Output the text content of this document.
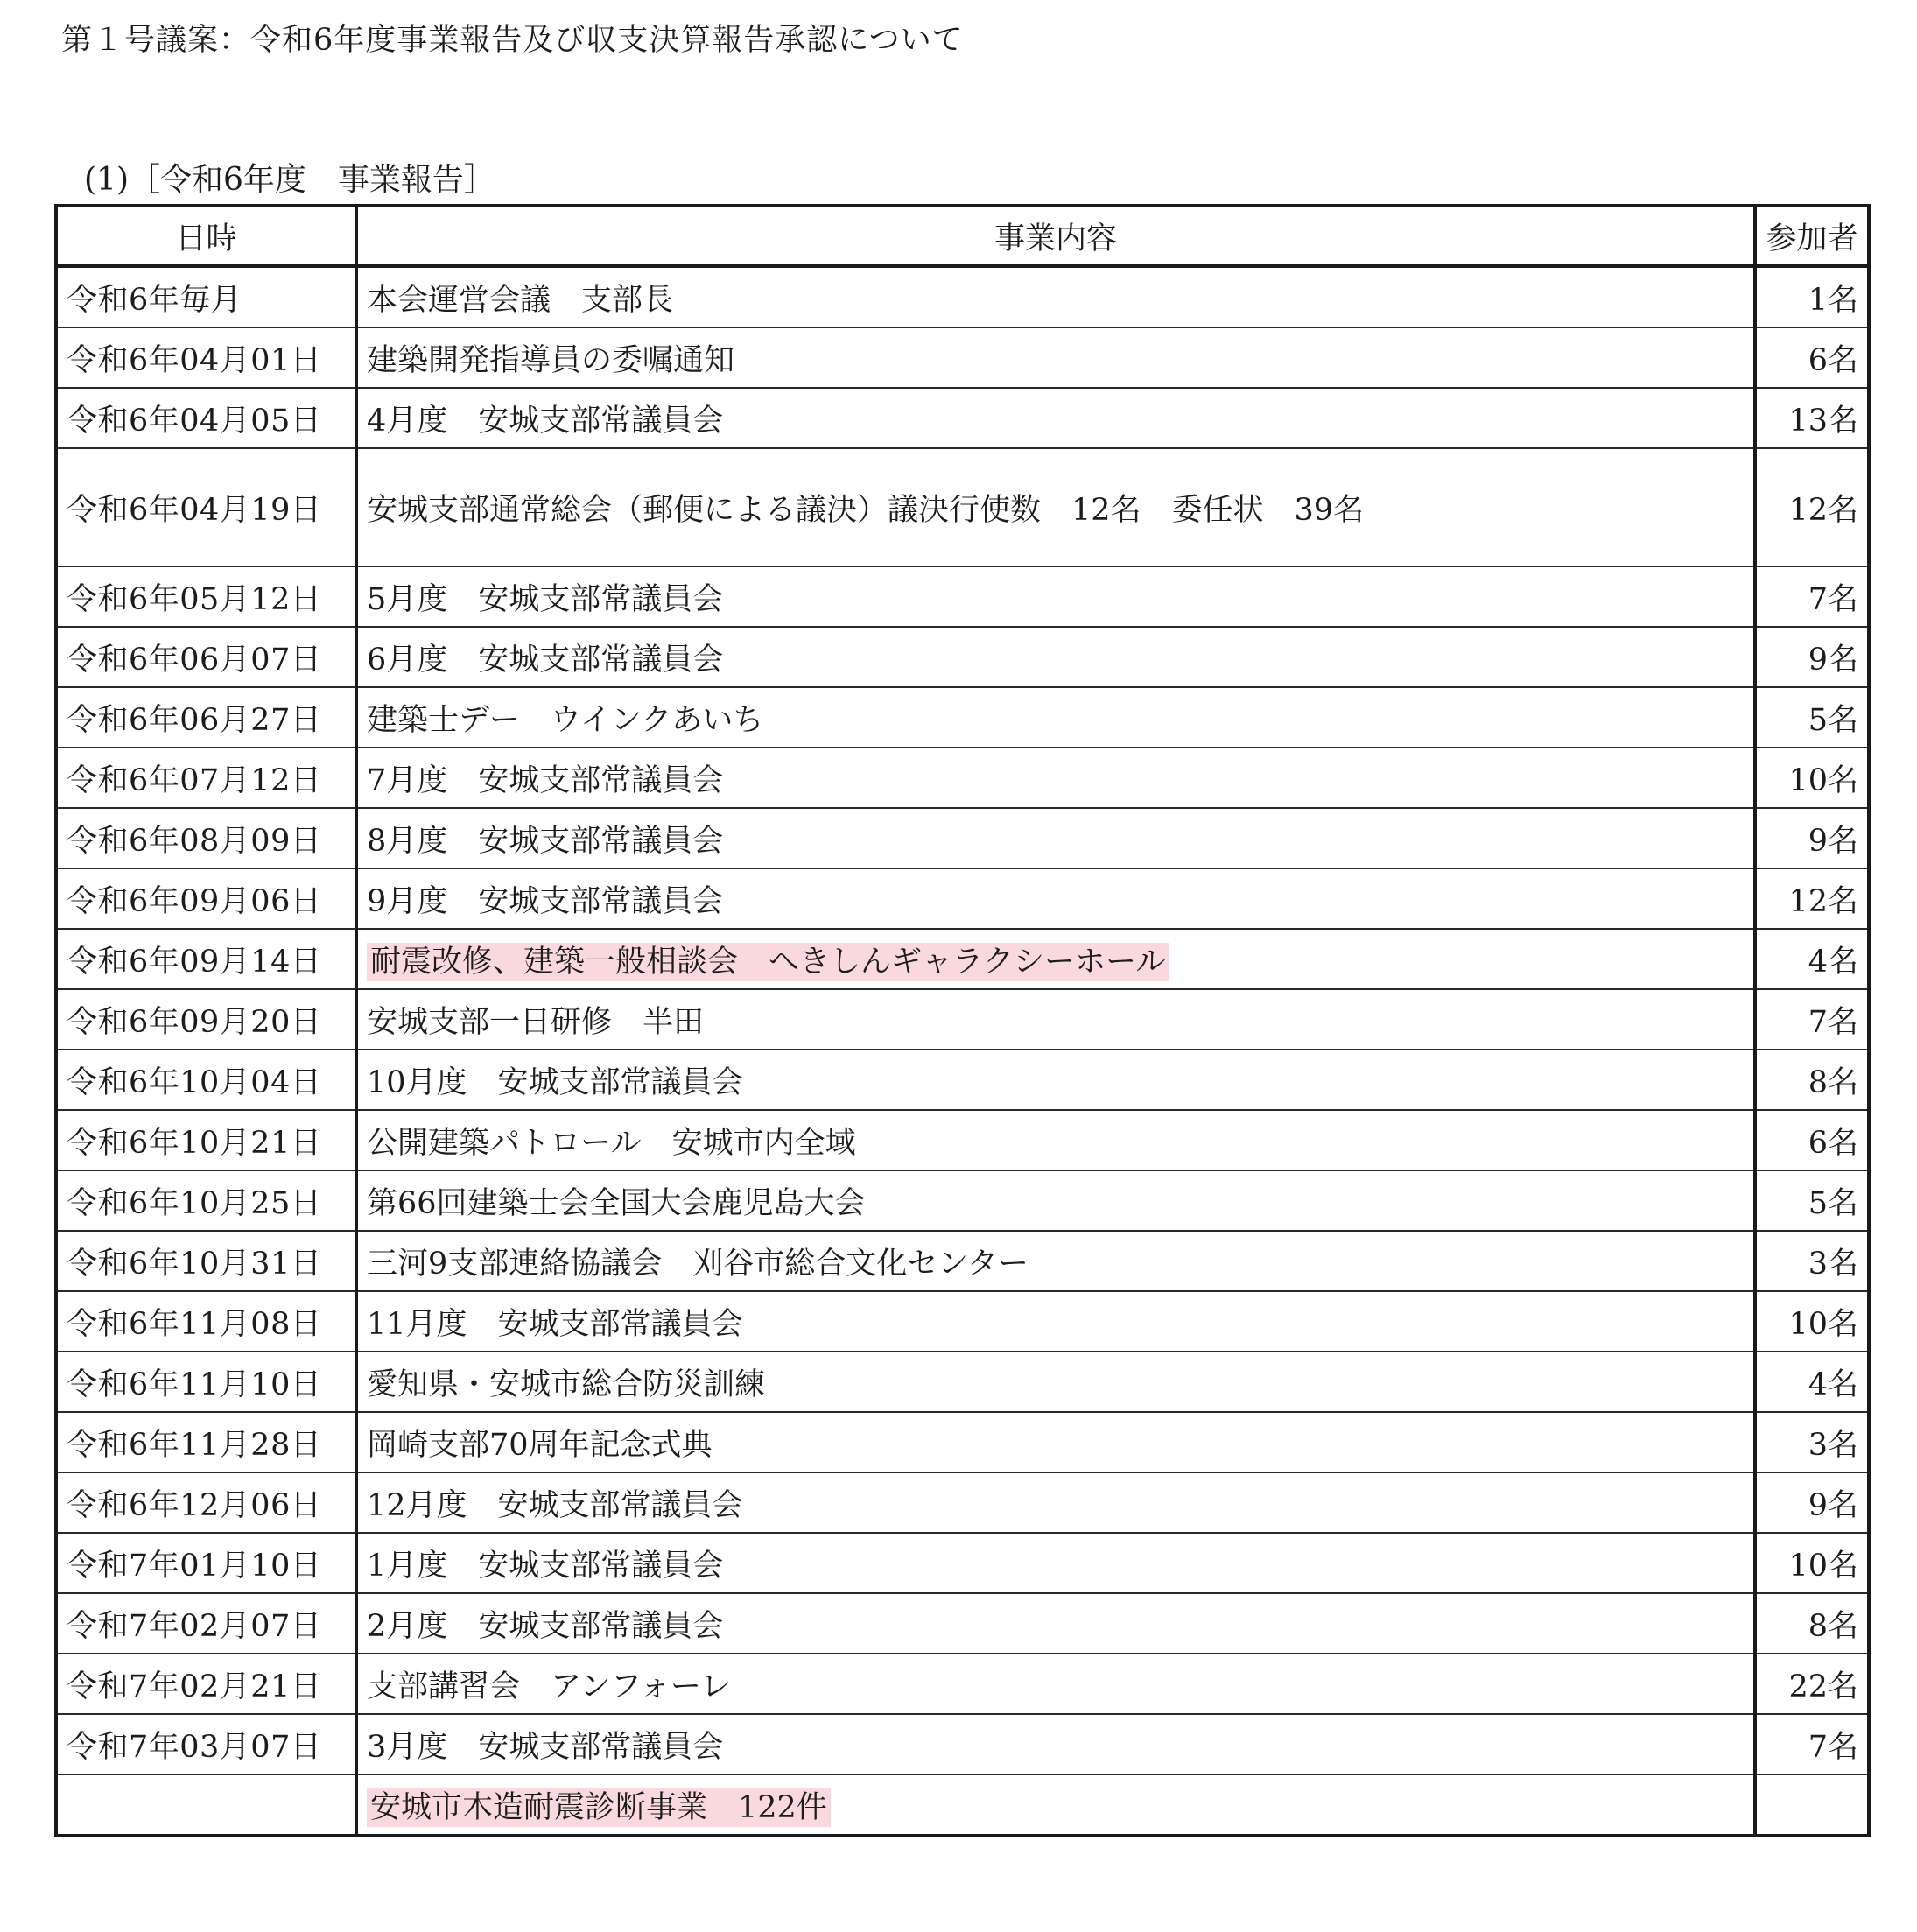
第１号議案：令和6年度事業報告及び収支決算報告承認について
(1)［令和6年度　事業報告］
日時	事業内容	参加者
令和6年毎月	本会運営会議　支部長	1名
令和6年04月01日	建築開発指導員の委嘱通知	6名
令和6年04月05日	4月度　安城支部常議員会	13名
令和6年04月19日	安城支部通常総会（郵便による議決）議決行使数　12名　委任状　39名	12名
令和6年05月12日	5月度　安城支部常議員会	7名
令和6年06月07日	6月度　安城支部常議員会	9名
令和6年06月27日	建築士デー　ウインクあいち	5名
令和6年07月12日	7月度　安城支部常議員会	10名
令和6年08月09日	8月度　安城支部常議員会	9名
令和6年09月06日	9月度　安城支部常議員会	12名
令和6年09月14日	耐震改修、建築一般相談会　へきしんギャラクシーホール	4名
令和6年09月20日	安城支部一日研修　半田	7名
令和6年10月04日	10月度　安城支部常議員会	8名
令和6年10月21日	公開建築パトロール　安城市内全域	6名
令和6年10月25日	第66回建築士会全国大会鹿児島大会	5名
令和6年10月31日	三河9支部連絡協議会　刈谷市総合文化センター	3名
令和6年11月08日	11月度　安城支部常議員会	10名
令和6年11月10日	愛知県・安城市総合防災訓練	4名
令和6年11月28日	岡崎支部70周年記念式典	3名
令和6年12月06日	12月度　安城支部常議員会	9名
令和7年01月10日	1月度　安城支部常議員会	10名
令和7年02月07日	2月度　安城支部常議員会	8名
令和7年02月21日	支部講習会　アンフォーレ	22名
令和7年03月07日	3月度　安城支部常議員会	7名
	安城市木造耐震診断事業　122件	
